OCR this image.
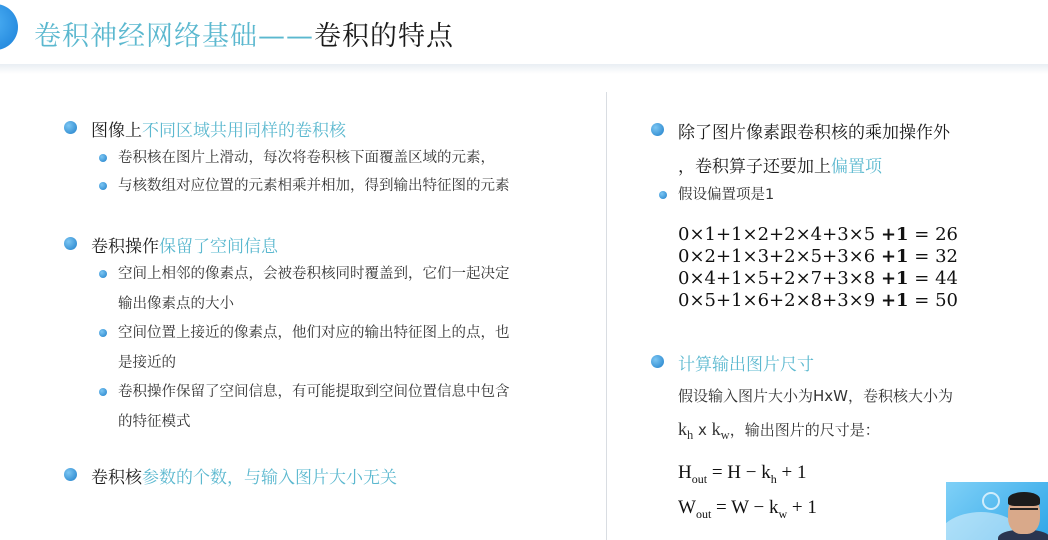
卷积神经网络基础——卷积的特点
图像上不同区域共用同样的卷积核
卷积核在图片上滑动，每次将卷积核下面覆盖区域的元素，
与核数组对应位置的元素相乘并相加，得到输出特征图的元素
卷积操作保留了空间信息
空间上相邻的像素点，会被卷积核同时覆盖到，它们一起决定
输出像素点的大小
空间位置上接近的像素点，他们对应的输出特征图上的点，也
是接近的
卷积操作保留了空间信息，有可能提取到空间位置信息中包含
的特征模式
卷积核参数的个数，与输入图片大小无关
除了图片像素跟卷积核的乘加操作外
，卷积算子还要加上偏置项
假设偏置项是1
0×1+1×2+2×4+3×5 +1 = 26
0×2+1×3+2×5+3×6 +1 = 32
0×4+1×5+2×7+3×8 +1 = 44
0×5+1×6+2×8+3×9 +1 = 50
计算输出图片尺寸
假设输入图片大小为HxW，卷积核大小为
$k_h$ x $k_w$，输出图片的尺寸是：
$H_{out} = H - k_h + 1$
$W_{out} = W - k_w + 1$
